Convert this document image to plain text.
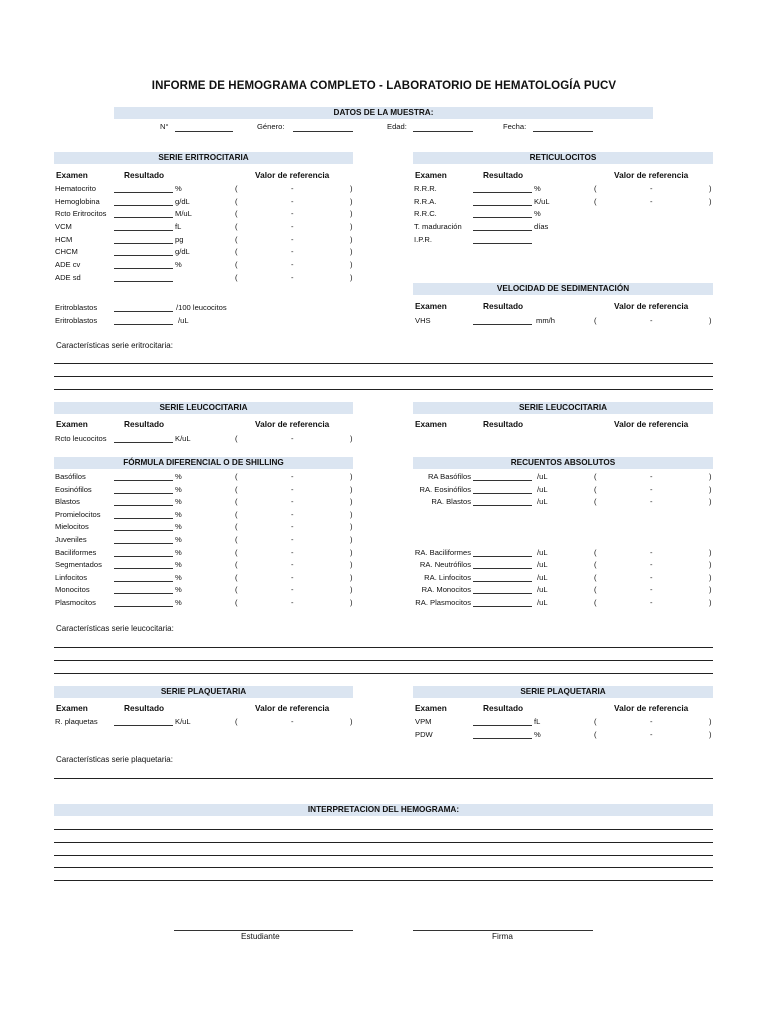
INFORME DE HEMOGRAMA COMPLETO - LABORATORIO DE HEMATOLOGÍA PUCV
DATOS DE LA MUESTRA:
N°	Género:	Edad:	Fecha:
SERIE ERITROCITARIA	RETICULOCITOS
VELOCIDAD DE SEDIMENTACIÓN
SERIE LEUCOCITARIA	SERIE LEUCOCITARIA
FÓRMULA DIFERENCIAL O DE SHILLING	RECUENTOS ABSOLUTOS
SERIE PLAQUETARIA	SERIE PLAQUETARIA
INTERPRETACION DEL HEMOGRAMA:
Características serie eritrocitaria:
Características serie leucocitaria:
Características serie plaquetaria:
Estudiante	Firma
Examen	Resultado	Valor de referencia
Hematocrito	%	(	-	)
Hemoglobina	g/dL	(	-	)
Rcto Eritrocitos	M/uL	(	-	)
VCM	fL	(	-	)
HCM	pg	(	-	)
CHCM	g/dL	(	-	)
ADE cv	%	(	-	)
ADE sd	(	-	)
Eritroblastos	/100 leucocitos
Eritroblastos	/uL
Examen	Resultado	Valor de referencia
R.R.R.	%	(	-	)
R.R.A.	K/uL	(	-	)
R.R.C.	%
T. maduración	días
I.P.R.
Examen	Resultado	Valor de referencia
VHS	mm/h	(	-	)
Examen	Resultado	Valor de referencia	Examen	Resultado	Valor de referencia
Rcto leucocitos	K/uL	(	-	)
Basófilos	%	(	-	)
Eosinófilos	%	(	-	)
Blastos	%	(	-	)
Promielocitos	%	(	-	)
Mielocitos	%	(	-	)
Juveniles	%	(	-	)
Baciliformes	%	(	-	)
Segmentados	%	(	-	)
Linfocitos	%	(	-	)
Monocitos	%	(	-	)
Plasmocitos	%	(	-	)
RA Basófilos	/uL	(	-	)
RA. Eosinófilos	/uL	(	-	)
RA. Blastos	/uL	(	-	)
RA. Baciliformes	/uL	(	-	)
RA. Neutrófilos	/uL	(	-	)
RA. Linfocitos	/uL	(	-	)
RA. Monocitos	/uL	(	-	)
RA. Plasmocitos	/uL	(	-	)
Examen	Resultado	Valor de referencia	Examen	Resultado	Valor de referencia
R. plaquetas	K/uL	(	-	)	VPM	fL	(	-	)
PDW	%	(	-	)
